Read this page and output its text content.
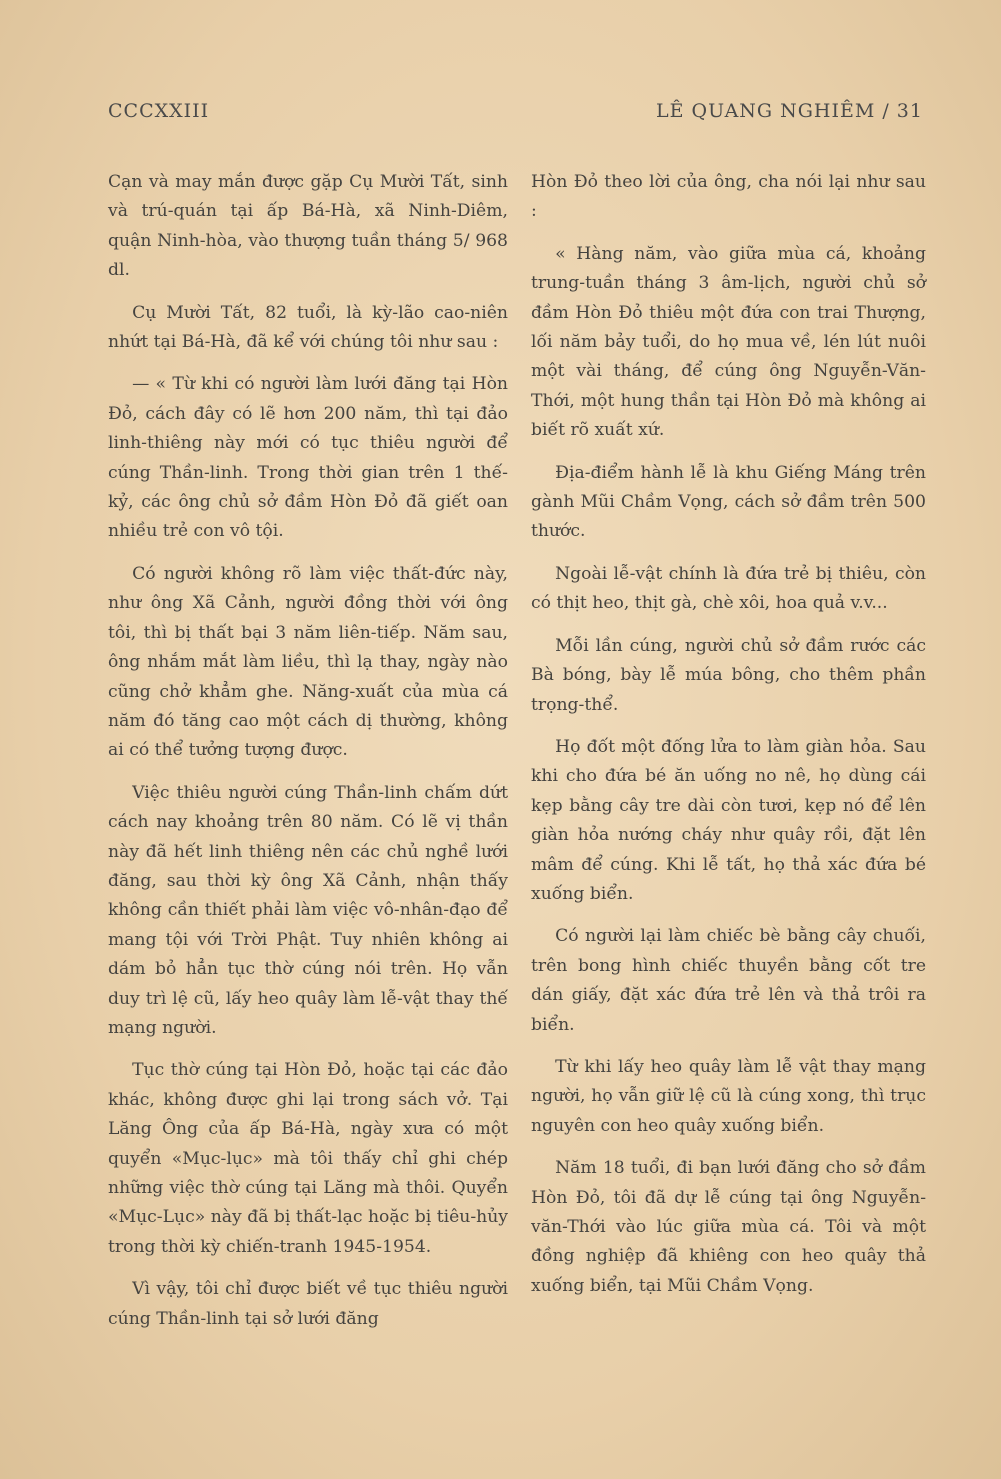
CCCXXIII	LÊ QUANG NGHIÊM / 31

Cạn và may mắn được gặp Cụ Mười Tất, sinh và trú-quán tại ấp Bá-Hà, xã Ninh-Diêm, quận Ninh-hòa, vào thượng tuần tháng 5/ 968 dl.

Cụ Mười Tất, 82 tuổi, là kỳ-lão cao-niên nhứt tại Bá-Hà, đã kể với chúng tôi như sau :

— « Từ khi có người làm lưới đăng tại Hòn Đỏ, cách đây có lẽ hơn 200 năm, thì tại đảo linh-thiêng này mới có tục thiêu người để cúng Thần-linh. Trong thời gian trên 1 thế-kỷ, các ông chủ sở đầm Hòn Đỏ đã giết oan nhiều trẻ con vô tội.

Có người không rõ làm việc thất-đức này, như ông Xã Cảnh, người đồng thời với ông tôi, thì bị thất bại 3 năm liên-tiếp. Năm sau, ông nhắm mắt làm liều, thì lạ thay, ngày nào cũng chở khẳm ghe. Năng-xuất của mùa cá năm đó tăng cao một cách dị thường, không ai có thể tưởng tượng được.

Việc thiêu người cúng Thần-linh chấm dứt cách nay khoảng trên 80 năm. Có lẽ vị thần này đã hết linh thiêng nên các chủ nghề lưới đăng, sau thời kỳ ông Xã Cảnh, nhận thấy không cần thiết phải làm việc vô-nhân-đạo để mang tội với Trời Phật. Tuy nhiên không ai dám bỏ hẳn tục thờ cúng nói trên. Họ vẫn duy trì lệ cũ, lấy heo quây làm lễ-vật thay thế mạng người.

Tục thờ cúng tại Hòn Đỏ, hoặc tại các đảo khác, không được ghi lại trong sách vở. Tại Lăng Ông của ấp Bá-Hà, ngày xưa có một quyển «Mục-lục» mà tôi thấy chỉ ghi chép những việc thờ cúng tại Lăng mà thôi. Quyển «Mục-Lục» này đã bị thất-lạc hoặc bị tiêu-hủy trong thời kỳ chiến-tranh 1945-1954.

Vì vậy, tôi chỉ được biết về tục thiêu người cúng Thần-linh tại sở lưới đăng

Hòn Đỏ theo lời của ông, cha nói lại như sau :

« Hàng năm, vào giữa mùa cá, khoảng trung-tuần tháng 3 âm-lịch, người chủ sở đầm Hòn Đỏ thiêu một đứa con trai Thượng, lối năm bảy tuổi, do họ mua về, lén lút nuôi một vài tháng, để cúng ông Nguyễn-Văn-Thới, một hung thần tại Hòn Đỏ mà không ai biết rõ xuất xứ.

Địa-điểm hành lễ là khu Giếng Máng trên gành Mũi Chầm Vọng, cách sở đầm trên 500 thước.

Ngoài lễ-vật chính là đứa trẻ bị thiêu, còn có thịt heo, thịt gà, chè xôi, hoa quả v.v...

Mỗi lần cúng, người chủ sở đầm rước các Bà bóng, bày lễ múa bông, cho thêm phần trọng-thể.

Họ đốt một đống lửa to làm giàn hỏa. Sau khi cho đứa bé ăn uống no nê, họ dùng cái kẹp bằng cây tre dài còn tươi, kẹp nó để lên giàn hỏa nướng cháy như quây rồi, đặt lên mâm để cúng. Khi lễ tất, họ thả xác đứa bé xuống biển.

Có người lại làm chiếc bè bằng cây chuối, trên bong hình chiếc thuyền bằng cốt tre dán giấy, đặt xác đứa trẻ lên và thả trôi ra biển.

Từ khi lấy heo quây làm lễ vật thay mạng người, họ vẫn giữ lệ cũ là cúng xong, thì trục nguyên con heo quây xuống biển.

Năm 18 tuổi, đi bạn lưới đăng cho sở đầm Hòn Đỏ, tôi đã dự lễ cúng tại ông Nguyễn-văn-Thới vào lúc giữa mùa cá. Tôi và một đồng nghiệp đã khiêng con heo quây thả xuống biển, tại Mũi Chầm Vọng.
